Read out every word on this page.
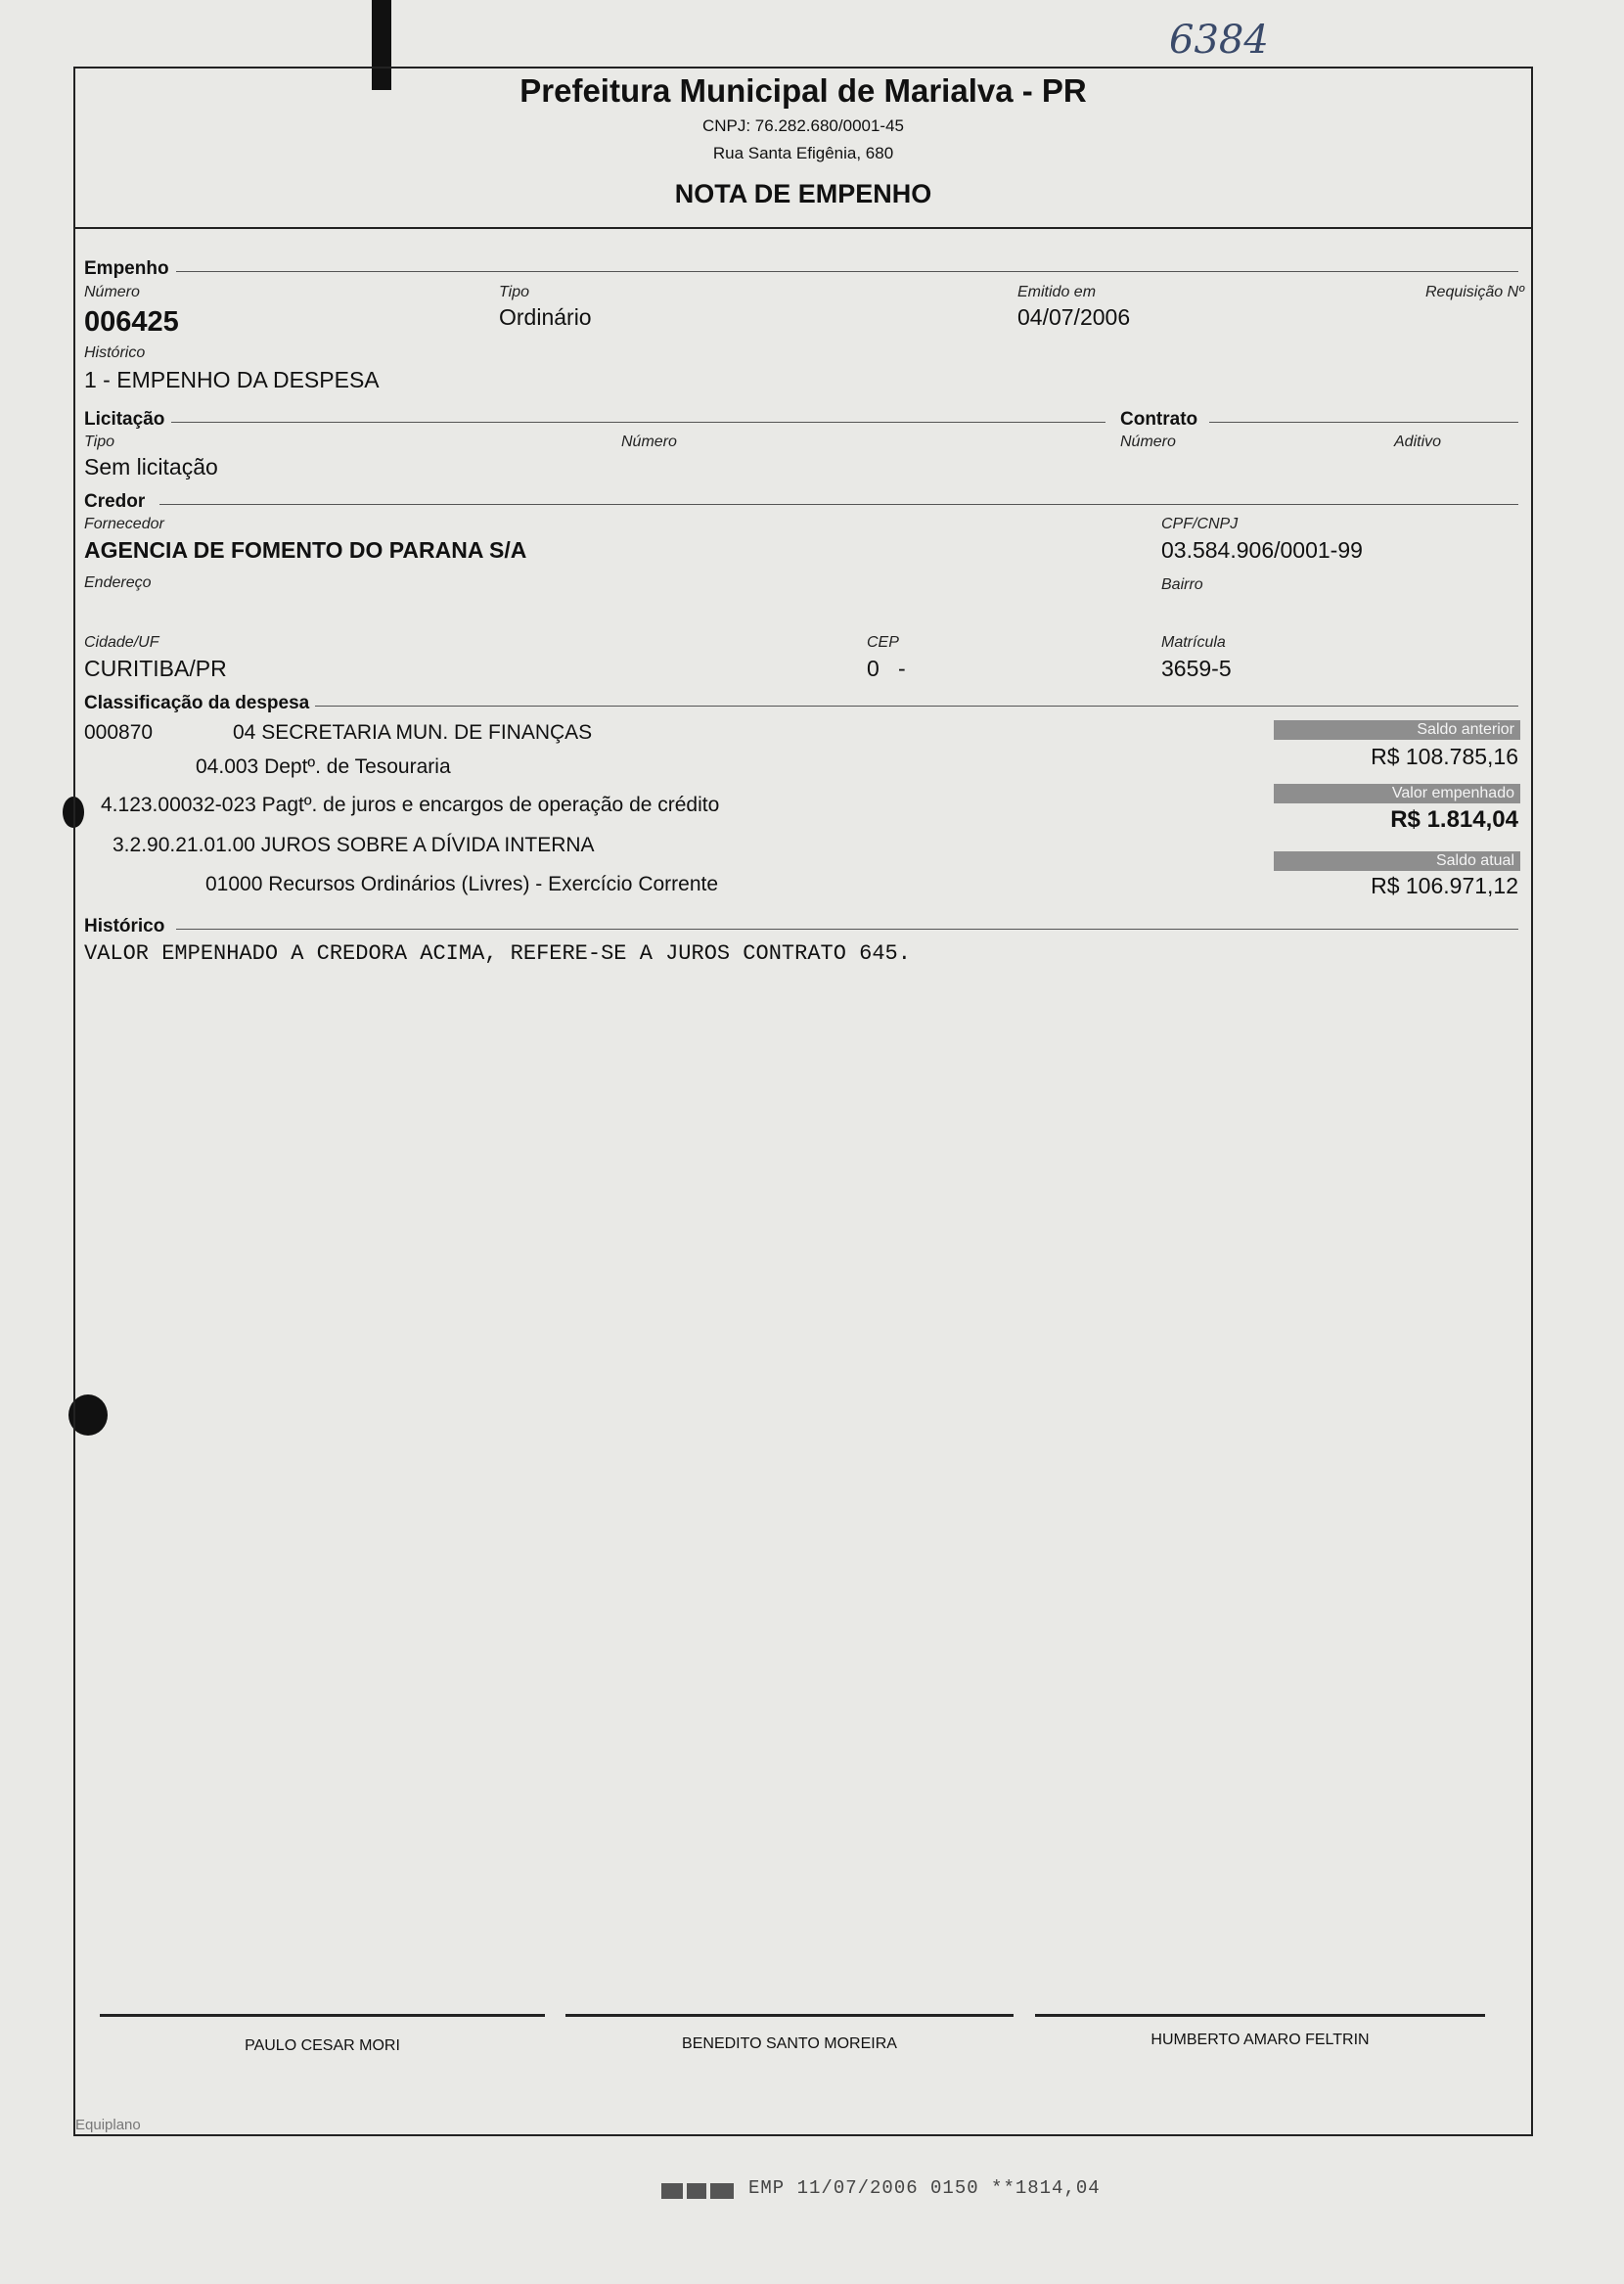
6384
Prefeitura Municipal de Marialva - PR
CNPJ: 76.282.680/0001-45
Rua Santa Efigênia, 680
NOTA DE EMPENHO
Empenho
Número
006425
Tipo
Ordinário
Emitido em
04/07/2006
Requisição Nº
Histórico
1 - EMPENHO DA DESPESA
Licitação
Tipo
Sem licitação
Número
Contrato
Número	Aditivo
Credor
Fornecedor
AGENCIA DE FOMENTO DO PARANA S/A
CPF/CNPJ
03.584.906/0001-99
Endereço	Bairro
Cidade/UF
CURITIBA/PR
CEP
0   -
Matrícula
3659-5
Classificação da despesa
000870	04 SECRETARIA MUN. DE FINANÇAS
04.003 Deptº. de Tesouraria
4.123.00032-023 Pagtº. de juros e encargos de operação de crédito
3.2.90.21.01.00 JUROS SOBRE A DÍVIDA INTERNA
01000 Recursos Ordinários (Livres) - Exercício Corrente
Saldo anterior
R$ 108.785,16
Valor empenhado
R$ 1.814,04
Saldo atual
R$ 106.971,12
Histórico
VALOR EMPENHADO A CREDORA ACIMA, REFERE-SE A JUROS CONTRATO 645.
PAULO CESAR MORI	BENEDITO SANTO MOREIRA	HUMBERTO AMARO FELTRIN
Equiplano
EMP 11/07/2006 0150 **1814,04
